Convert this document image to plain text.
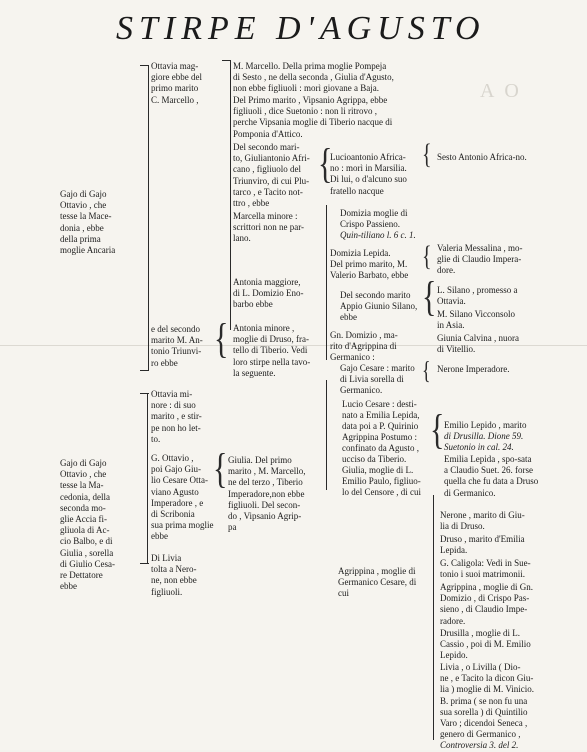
STIRPE D'AGUSTO
A O
{
{
{	{
{
{
{
{

Gajo di Gajo

Ottavio , che

tesse la Mace-

donia , ebbe

della prima

moglie Ancaria

Gajo di Gajo

Ottavio , che

tesse la Ma-

cedonia, della

seconda mo-

glie Accia fi-

gliuola di Ac-

cio Balbo, e di

Giulia , sorella

di Giulio Cesa-

re Dettatore

ebbe

Ottavia mag-

giore ebbe del

primo marito

C. Marcello ,

e del secondo

marito M. An-

tonio Triunvi-

ro ebbe

Ottavia mi-

nore : di suo

marito , e stir-

pe non ho let-

to.

G. Ottavio ,

poi Gajo Giu-

lio Cesare Otta-

viano Agusto

Imperadore , e

di Scribonia

sua prima moglie

ebbe

Di Livia

tolta a Nero-

ne, non ebbe

figliuoli.

M. Marcello. Della prima moglie Pompeja

di Sesto , ne della seconda , Giulia d'Agusto,

non ebbe figliuoli : morì giovane a Baja.

Del Primo marito , Vipsanio Agrippa, ebbe

figliuoli , dice Suetonio : non li ritrovo ,

perche Vipsania moglie di Tiberio nacque di

Pomponia d'Attico.

Del secondo mari-

to, Giuliantonio Afri-

cano , figliuolo del

Triunviro, di cui Plu-

tarco , e Tacito not-

ttro , ebbe

Marcella minore :

scrittori non ne par-

lano.

Antonia maggiore,

di L. Domizio Eno-

barbo ebbe

Antonia minore ,

moglie di Druso, fra-

tello di Tiberio. Vedi

loro stirpe nella tavo-

la seguente.

Giulia. Del primo

marito , M. Marcello,

ne del terzo , Tiberio

Imperadore,non ebbe

figliuoli. Del secon-

do , Vipsanio Agrip-

pa

Lucioantonio Africa-

no : morì in Marsilia.

Di lui, o d'alcuno suo

fratello nacque

Domizia moglie di

Crispo Passieno.

Quin-tiliano l. 6 c. 1.

Domizia Lepida.

Del primo marito, M.

Valerio Barbato, ebbe

Del secondo marito

Appio Giunio Silano,

ebbe

Gn. Domizio , ma-

rito d'Agrippina di

Germanico :

Gajo Cesare : marito

di Livia sorella di

Germanico.

Lucio Cesare : desti-

nato a Emilia Lepida,

data poi a P. Quirinio

Agrippina Postumo :

confinato da Agusto ,

ucciso da Tiberio.

Giulia, moglie di L.

Emilio Paulo, figliuo-

lo del Censore , di cui

Agrippina , moglie di

Germanico Cesare, di

cui

Sesto Antonio Africa-no.

Valeria Messalina , mo-

glie di Claudio Impera-

dore.

L. Silano , promesso a

Ottavia.

M. Silano Vicconsolo

in Asia.

Giunia Calvina , nuora

di Vitellio.

Nerone Imperadore.

Emilio Lepido , marito

di Drusilla. Dione 59.

Suetonio in cal. 24.

Emilia Lepida , spo-sata

a Claudio Suet. 26. forse

quella che fu data a Druso

di Germanico.

Nerone , marito di Giu-

lia di Druso.

Druso , marito d'Emilia

Lepida.

G. Caligola: Vedi in Sue-

tonio i suoi matrimonii.

Agrippina , moglie di Gn.

Domizio , di Crispo Pas-

sieno , di Claudio Impe-

radore.

Drusilla , moglie di L.

Cassio , poi di M. Emilio

Lepido.

Livia , o Livilla ( Dio-

ne , e Tacito la dicon Giu-

lia ) moglie di M. Vinicio.

B. prima ( se non fu una

sua sorella ) di Quintilio

Varo ; dicendoi Seneca ,

genero di Germanico ,

Controversia 3. del 2.
